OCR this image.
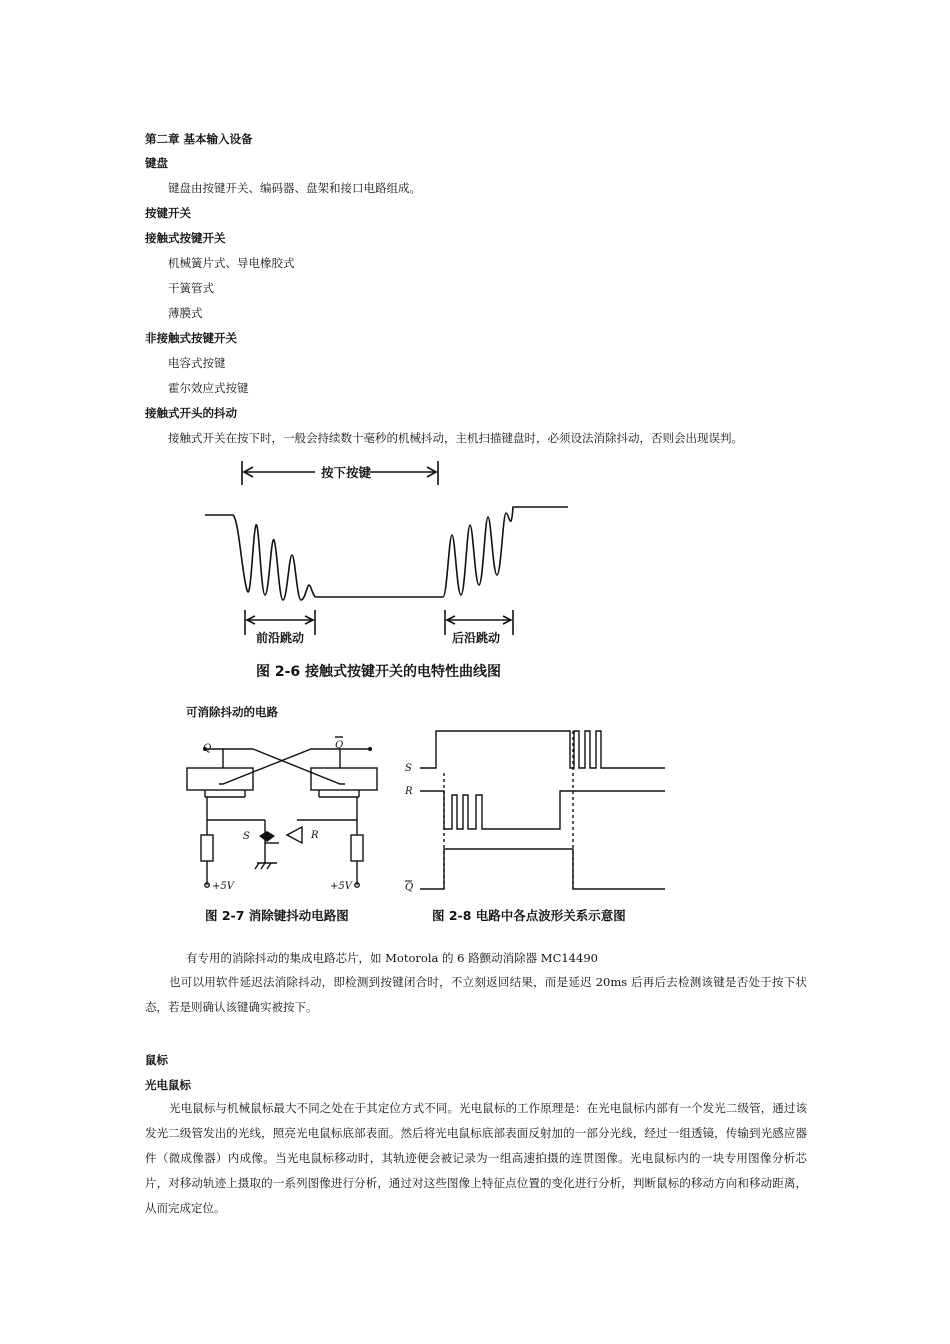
第二章 基本输入设备
键盘
键盘由按键开关、编码器、盘架和接口电路组成。
按键开关
接触式按键开关
机械簧片式、导电橡胶式
干簧管式
薄膜式
非接触式按键开关
电容式按键
霍尔效应式按键
接触式开头的抖动
接触式开关在按下时，一般会持续数十毫秒的机械抖动，主机扫描键盘时，必须设法消除抖动，否则会出现误判。
按下按键
前沿跳动	后沿跳动
图 2-6 接触式按键开关的电特性曲线图
可消除抖动的电路
Q	Q
S	R
+5V	+5V
图 2-7 消除键抖动电路图
S
R
Q
图 2-8 电路中各点波形关系示意图
有专用的消除抖动的集成电路芯片，如 Motorola 的 6 路颤动消除器 MC14490
也可以用软件延迟法消除抖动，即检测到按键闭合时，不立刻返回结果，而是延迟 20ms 后再后去检测该键是否处于按下状态，若是则确认该键确实被按下。
鼠标
光电鼠标
光电鼠标与机械鼠标最大不同之处在于其定位方式不同。光电鼠标的工作原理是：在光电鼠标内部有一个发光二级管，通过该发光二级管发出的光线，照亮光电鼠标底部表面。然后将光电鼠标底部表面反射加的一部分光线，经过一组透镜，传输到光感应器件（微成像器）内成像。当光电鼠标移动时，其轨迹便会被记录为一组高速拍摄的连贯图像。光电鼠标内的一块专用图像分析芯片，对移动轨迹上摄取的一系列图像进行分析，通过对这些图像上特征点位置的变化进行分析，判断鼠标的移动方向和移动距离，从而完成定位。
